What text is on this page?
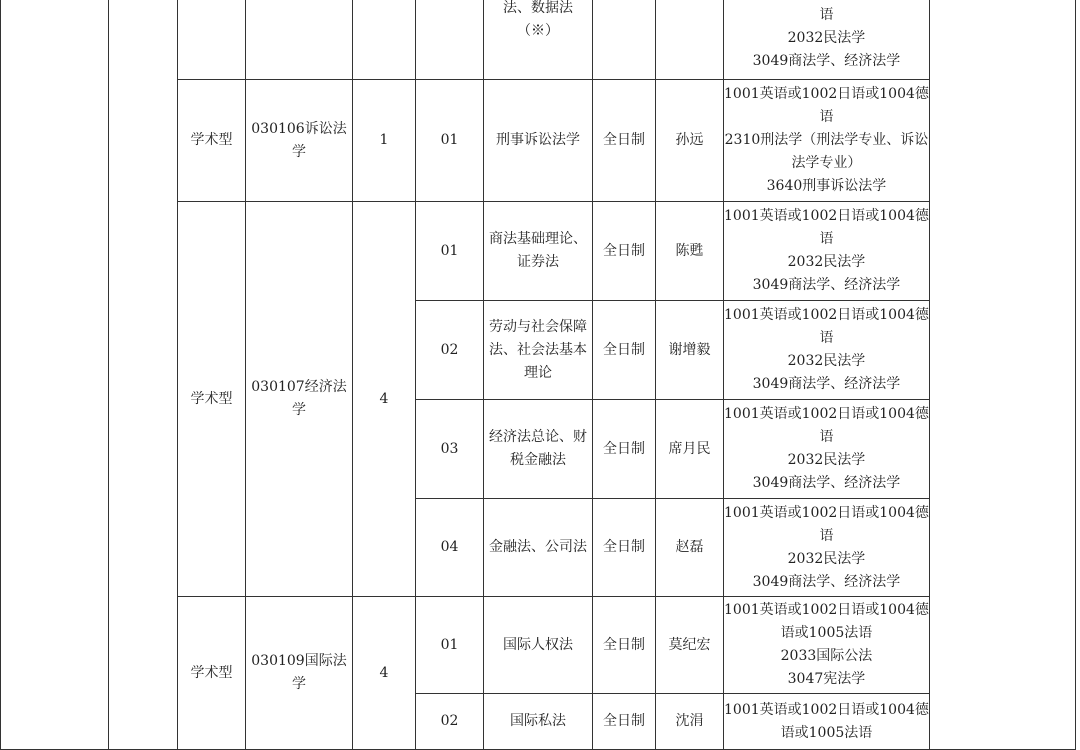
						法、数据法（※）			语
2032民法学
3049商法学、经济法学	

		学术型	030106诉讼法学	1	01	刑事诉讼法学	全日制	孙远	1001英语或1002日语或1004德
语
2310刑法学（刑法学专业、诉讼
法学专业）
3640刑事诉讼法学	

		学术型	030107经济法学	4	01	商法基础理论、
证券法	全日制	陈甦	1001英语或1002日语或1004德
语
2032民法学
3049商法学、经济法学	

					02	劳动与社会保障
法、社会法基本
理论	全日制	谢增毅	1001英语或1002日语或1004德
语
2032民法学
3049商法学、经济法学	

					03	经济法总论、财
税金融法	全日制	席月民	1001英语或1002日语或1004德
语
2032民法学
3049商法学、经济法学	

					04	金融法、公司法	全日制	赵磊	1001英语或1002日语或1004德
语
2032民法学
3049商法学、经济法学	

		学术型	030109国际法学	4	01	国际人权法	全日制	莫纪宏	1001英语或1002日语或1004德
语或1005法语
2033国际公法
3047宪法学	

					02	国际私法	全日制	沈涓	1001英语或1002日语或1004德
语或1005法语	
